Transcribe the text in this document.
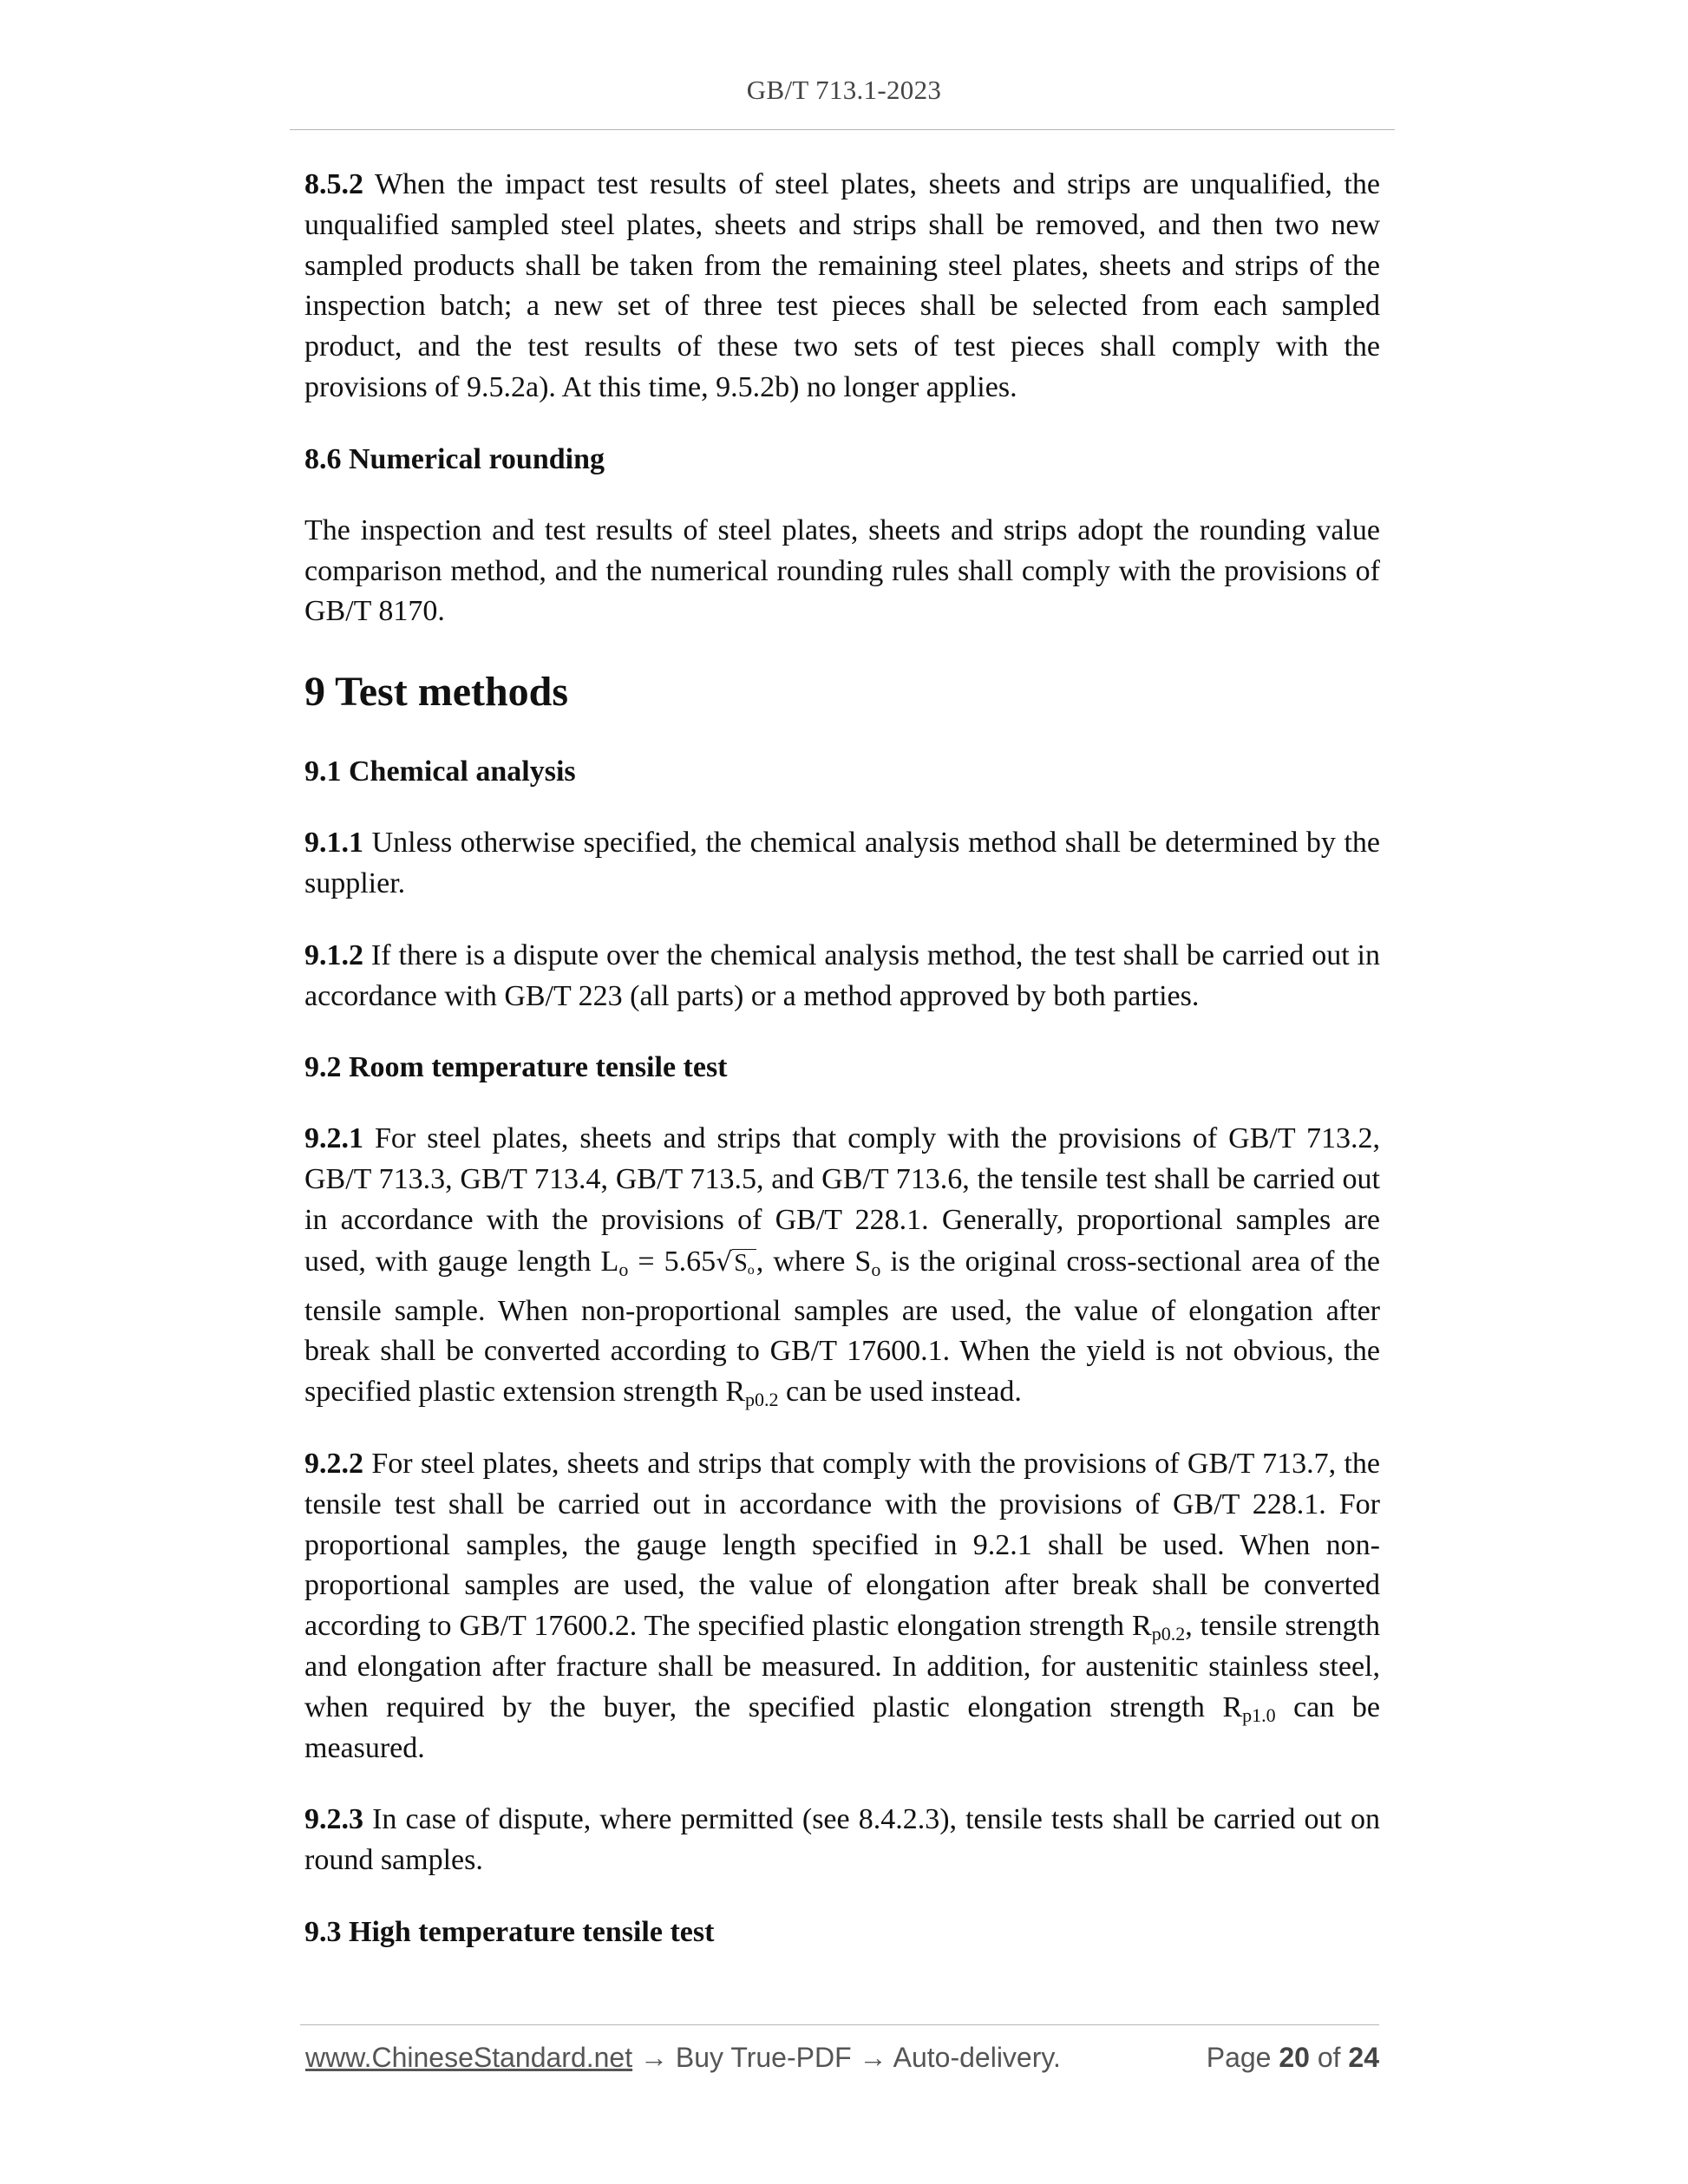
GB/T 713.1-2023

8.5.2 When the impact test results of steel plates, sheets and strips are unqualified, the unqualified sampled steel plates, sheets and strips shall be removed, and then two new sampled products shall be taken from the remaining steel plates, sheets and strips of the inspection batch; a new set of three test pieces shall be selected from each sampled product, and the test results of these two sets of test pieces shall comply with the provisions of 9.5.2a). At this time, 9.5.2b) no longer applies.

8.6 Numerical rounding

The inspection and test results of steel plates, sheets and strips adopt the rounding value comparison method, and the numerical rounding rules shall comply with the provisions of GB/T 8170.

9 Test methods
9.1 Chemical analysis

9.1.1 Unless otherwise specified, the chemical analysis method shall be determined by the supplier.

9.1.2 If there is a dispute over the chemical analysis method, the test shall be carried out in accordance with GB/T 223 (all parts) or a method approved by both parties.

9.2 Room temperature tensile test

9.2.1 For steel plates, sheets and strips that comply with the provisions of GB/T 713.2, GB/T 713.3, GB/T 713.4, GB/T 713.5, and GB/T 713.6, the tensile test shall be carried out in accordance with the provisions of GB/T 228.1. Generally, proportional samples are used, with gauge length $L_o = 5.65√So$, where $S_o$ is the original cross-sectional area of the tensile sample. When non-proportional samples are used, the value of elongation after break shall be converted according to GB/T 17600.1. When the yield is not obvious, the specified plastic extension strength $R_{p0.2}$ can be used instead.

9.2.2 For steel plates, sheets and strips that comply with the provisions of GB/T 713.7, the tensile test shall be carried out in accordance with the provisions of GB/T 228.1. For proportional samples, the gauge length specified in 9.2.1 shall be used. When non-proportional samples are used, the value of elongation after break shall be converted according to GB/T 17600.2. The specified plastic elongation strength $R_{p0.2}$, tensile strength and elongation after fracture shall be measured. In addition, for austenitic stainless steel, when required by the buyer, the specified plastic elongation strength $R_{p1.0}$ can be measured.

9.2.3 In case of dispute, where permitted (see 8.4.2.3), tensile tests shall be carried out on round samples.

9.3 High temperature tensile test
www.ChineseStandard.net → Buy True-PDF → Auto-delivery.	Page 20 of 24
